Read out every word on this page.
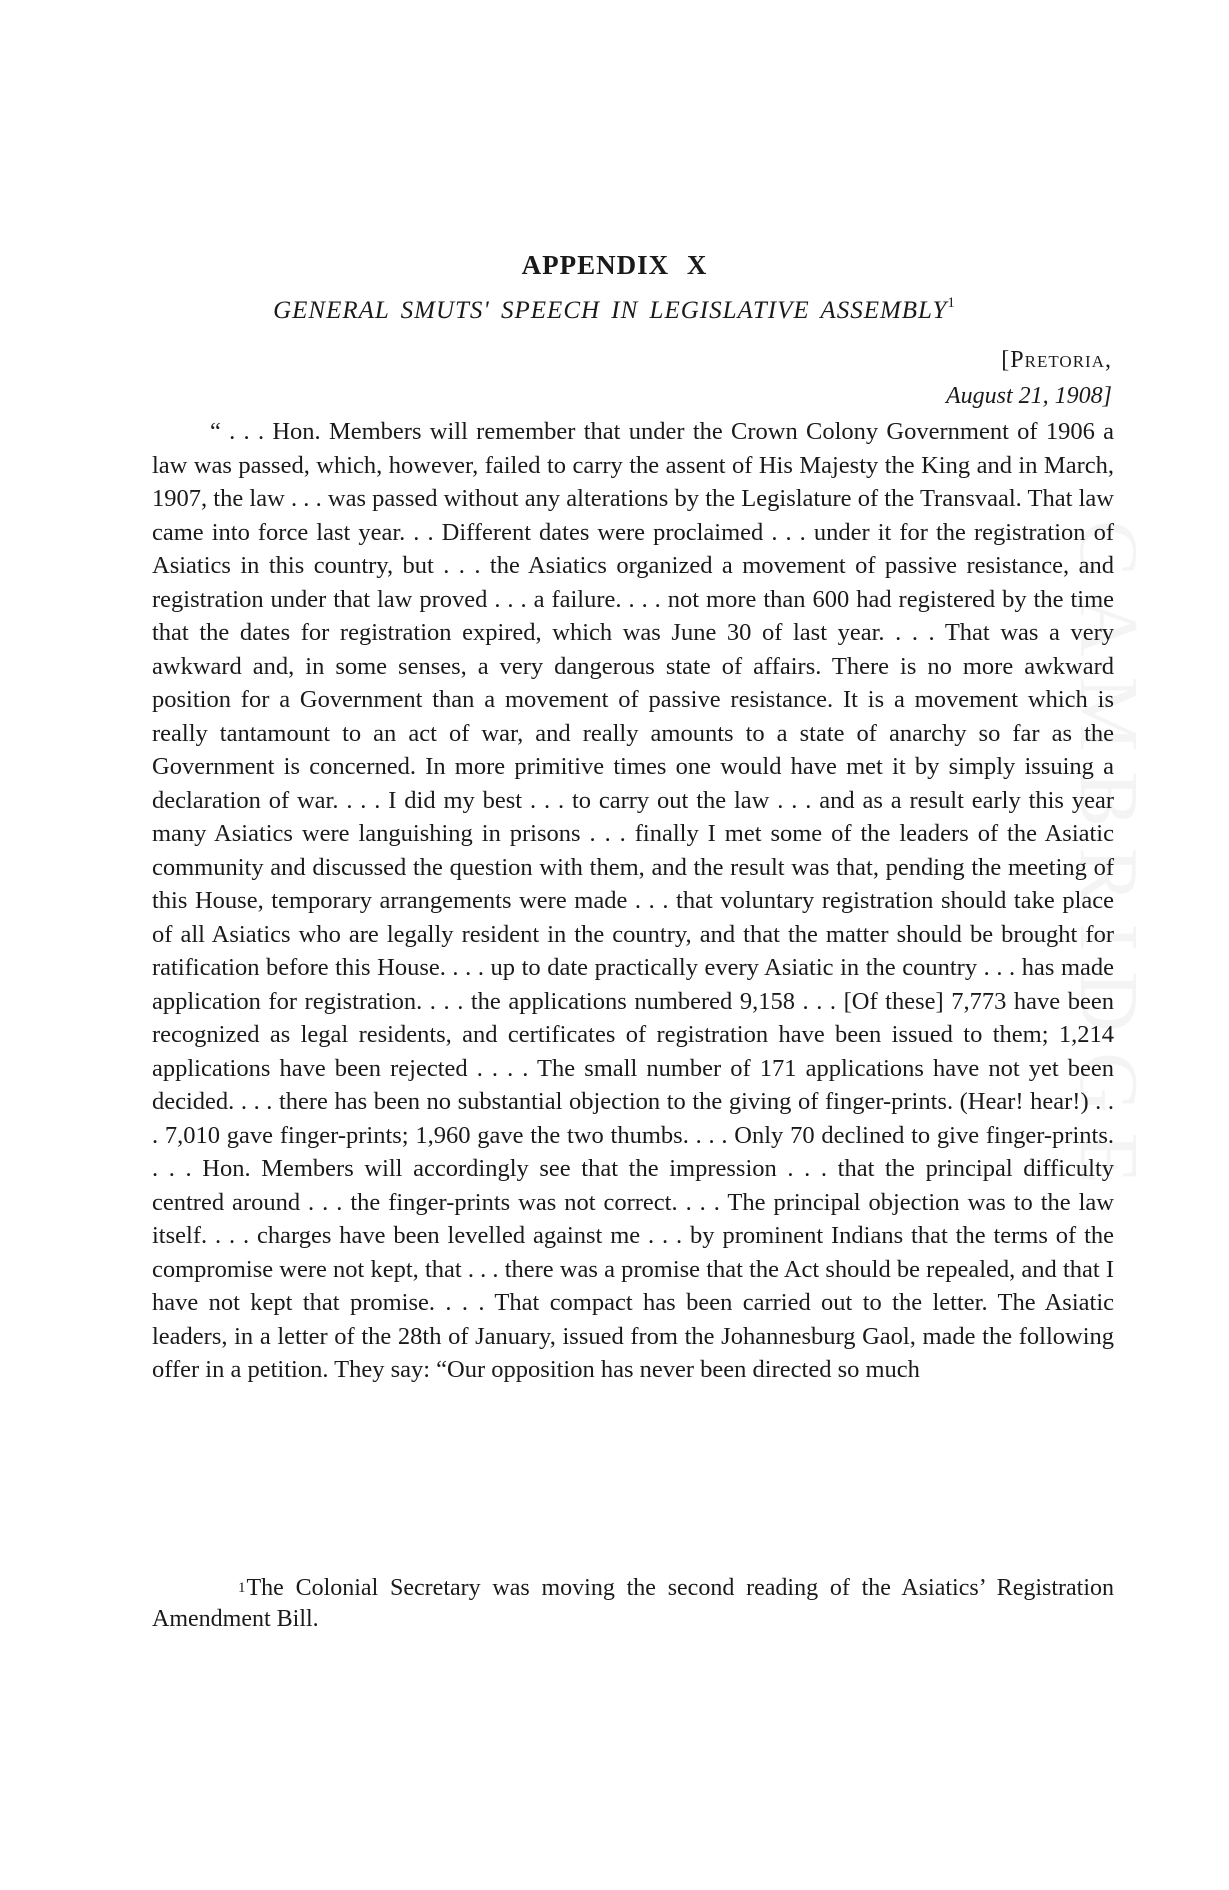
APPENDIX X
GENERAL SMUTS' SPEECH IN LEGISLATIVE ASSEMBLY$^1$
[Pretoria,
August 21, 1908]

“ . . . Hon. Members will remember that under the Crown Colony Government of 1906 a law was passed, which, however, failed to carry the assent of His Majesty the King and in March, 1907, the law . . . was passed without any alterations by the Legislature of the Transvaal. That law came into force last year. . . Different dates were proclaimed . . . under it for the registration of Asiatics in this country, but . . . the Asiatics organized a movement of passive resistance, and registration under that law proved . . . a failure. . . . not more than 600 had registered by the time that the dates for registration expired, which was June 30 of last year. . . . That was a very awkward and, in some senses, a very dangerous state of affairs. There is no more awkward position for a Government than a movement of passive resistance. It is a movement which is really tantamount to an act of war, and really amounts to a state of anarchy so far as the Government is concerned. In more primitive times one would have met it by simply issuing a declaration of war. . . . I did my best . . . to carry out the law . . . and as a result early this year many Asiatics were languishing in prisons . . . finally I met some of the leaders of the Asiatic community and discussed the question with them, and the result was that, pending the meeting of this House, temporary arrangements were made . . . that voluntary registration should take place of all Asiatics who are legally resident in the country, and that the matter should be brought for ratification before this House. . . . up to date practically every Asiatic in the country . . . has made application for registration. . . . the applications numbered 9,158 . . . [Of these] 7,773 have been recognized as legal residents, and certificates of registration have been issued to them; 1,214 applications have been rejected . . . . The small number of 171 applications have not yet been decided. . . . there has been no substantial objection to the giving of finger-prints. (Hear! hear!) . . . 7,010 gave finger-prints; 1,960 gave the two thumbs. . . . Only 70 declined to give finger-prints. . . . Hon. Members will accordingly see that the impression . . . that the principal difficulty centred around . . . the finger-prints was not correct. . . . The principal objection was to the law itself. . . . charges have been levelled against me . . . by prominent Indians that the terms of the compromise were not kept, that . . . there was a promise that the Act should be repealed, and that I have not kept that promise. . . . That compact has been carried out to the letter. The Asiatic leaders, in a letter of the 28th of January, issued from the Johannesburg Gaol, made the following offer in a petition. They say: “Our opposition has never been directed so much

$^1$The Colonial Secretary was moving the second reading of the Asiatics’ Registration Amendment Bill.
